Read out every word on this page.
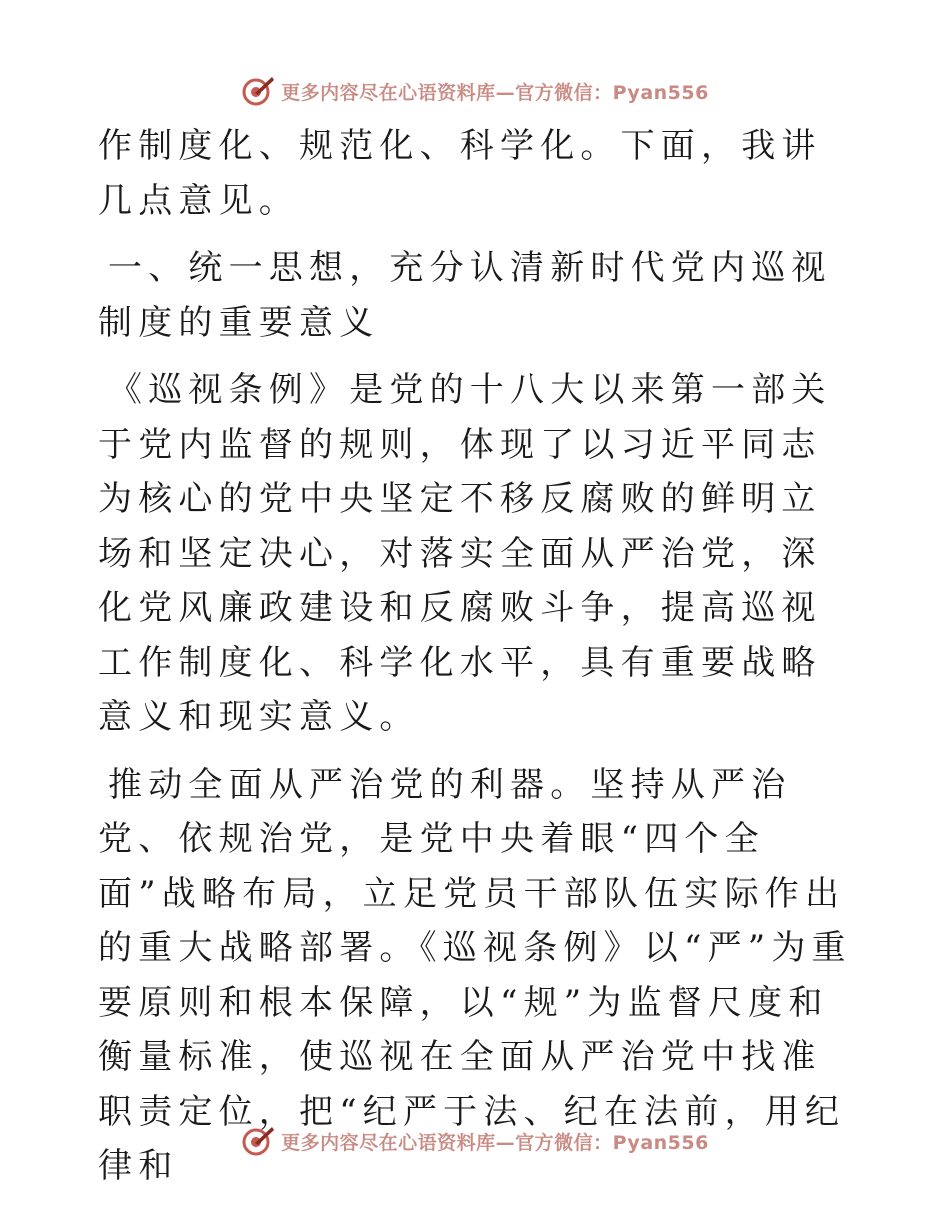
更多内容尽在心语资料库—官方微信：Pyan556

作制度化、规范化、科学化。下面，我讲几点意见。

一、统一思想，充分认清新时代党内巡视制度的重要意义

《巡视条例》是党的十八大以来第一部关于党内监督的规则，体现了以习近平同志为核心的党中央坚定不移反腐败的鲜明立场和坚定决心，对落实全面从严治党，深化党风廉政建设和反腐败斗争，提高巡视工作制度化、科学化水平，具有重要战略意义和现实意义。

推动全面从严治党的利器。坚持从严治党、依规治党，是党中央着眼“四个全面”战略布局，立足党员干部队伍实际作出的重大战略部署。《巡视条例》以“严”为重要原则和根本保障，以“规”为监督尺度和衡量标准，使巡视在全面从严治党中找准职责定位，把“纪严于法、纪在法前，用纪律和

更多内容尽在心语资料库—官方微信：Pyan556
